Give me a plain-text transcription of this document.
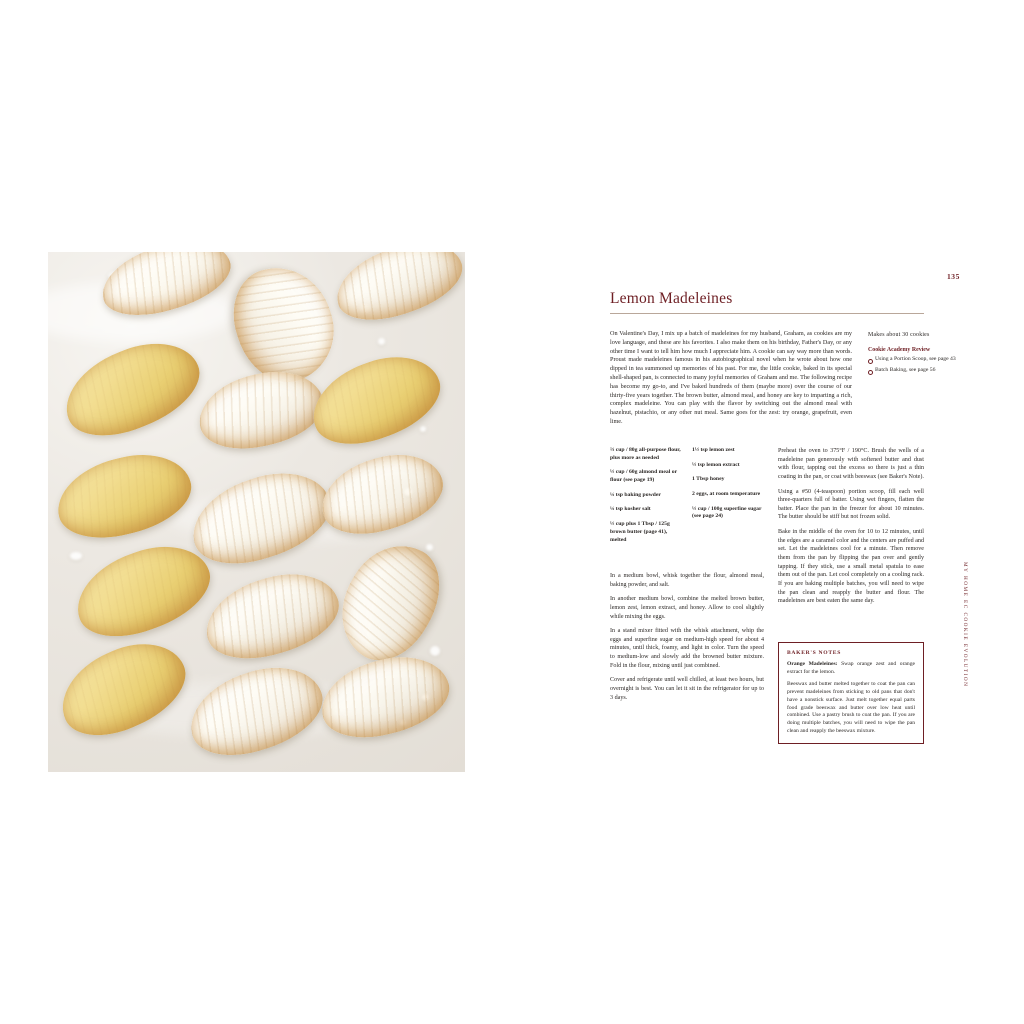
135
Lemon Madeleines
On Valentine's Day, I mix up a batch of madeleines for my husband, Graham, as cookies are my love language, and these are his favorites. I also make them on his birthday, Father's Day, or any other time I want to tell him how much I appreciate him. A cookie can say way more than words. Proust made madeleines famous in his autobiographical novel when he wrote about how one dipped in tea summoned up memories of his past. For me, the little cookie, baked in its special shell-shaped pan, is connected to many joyful memories of Graham and me. The following recipe has become my go-to, and I've baked hundreds of them (maybe more) over the course of our thirty-five years together. The brown butter, almond meal, and honey are key to imparting a rich, complex madeleine. You can play with the flavor by switching out the almond meal with hazelnut, pistachio, or any other nut meal. Same goes for the zest: try orange, grapefruit, even lime.
Makes about 30 cookies
Cookie Academy Review
Using a Portion Scoop, see page 43
Batch Baking, see page 56
⅔ cup / 80g all-purpose flour, plus more as needed
½ cup / 60g almond meal or flour (see page 19)
¼ tsp baking powder
¼ tsp kosher salt
½ cup plus 1 Tbsp / 125g brown butter (page 41), melted
1½ tsp lemon zest
½ tsp lemon extract
1 Tbsp honey
2 eggs, at room temperature
½ cup / 100g superfine sugar (see page 24)

In a medium bowl, whisk together the flour, almond meal, baking powder, and salt.

In another medium bowl, combine the melted brown butter, lemon zest, lemon extract, and honey. Allow to cool slightly while mixing the eggs.

In a stand mixer fitted with the whisk attachment, whip the eggs and superfine sugar on medium-high speed for about 4 minutes, until thick, foamy, and light in color. Turn the speed to medium-low and slowly add the browned butter mixture. Fold in the flour, mixing until just combined.

Cover and refrigerate until well chilled, at least two hours, but overnight is best. You can let it sit in the refrigerator for up to 3 days.

Preheat the oven to 375°F / 190°C. Brush the wells of a madeleine pan generously with softened butter and dust with flour, tapping out the excess so there is just a thin coating in the pan, or coat with beeswax (see Baker's Note).

Using a #50 (4-teaspoon) portion scoop, fill each well three-quarters full of batter. Using wet fingers, flatten the batter. Place the pan in the freezer for about 10 minutes. The butter should be stiff but not frozen solid.

Bake in the middle of the oven for 10 to 12 minutes, until the edges are a caramel color and the centers are puffed and set. Let the madeleines cool for a minute. Then remove them from the pan by flipping the pan over and gently tapping. If they stick, use a small metal spatula to ease them out of the pan. Let cool completely on a cooling rack. If you are baking multiple batches, you will need to wipe the pan clean and reapply the butter and flour. The madeleines are best eaten the same day.

BAKER'S NOTES

Orange Madeleines: Swap orange zest and orange extract for the lemon.

Beeswax and butter melted together to coat the pan can prevent madeleines from sticking to old pans that don't have a nonstick surface. Just melt together equal parts food grade beeswax and butter over low heat until combined. Use a pastry brush to coat the pan. If you are doing multiple batches, you will need to wipe the pan clean and reapply the beeswax mixture.

MY HOME EC COOKIE EVOLUTION
